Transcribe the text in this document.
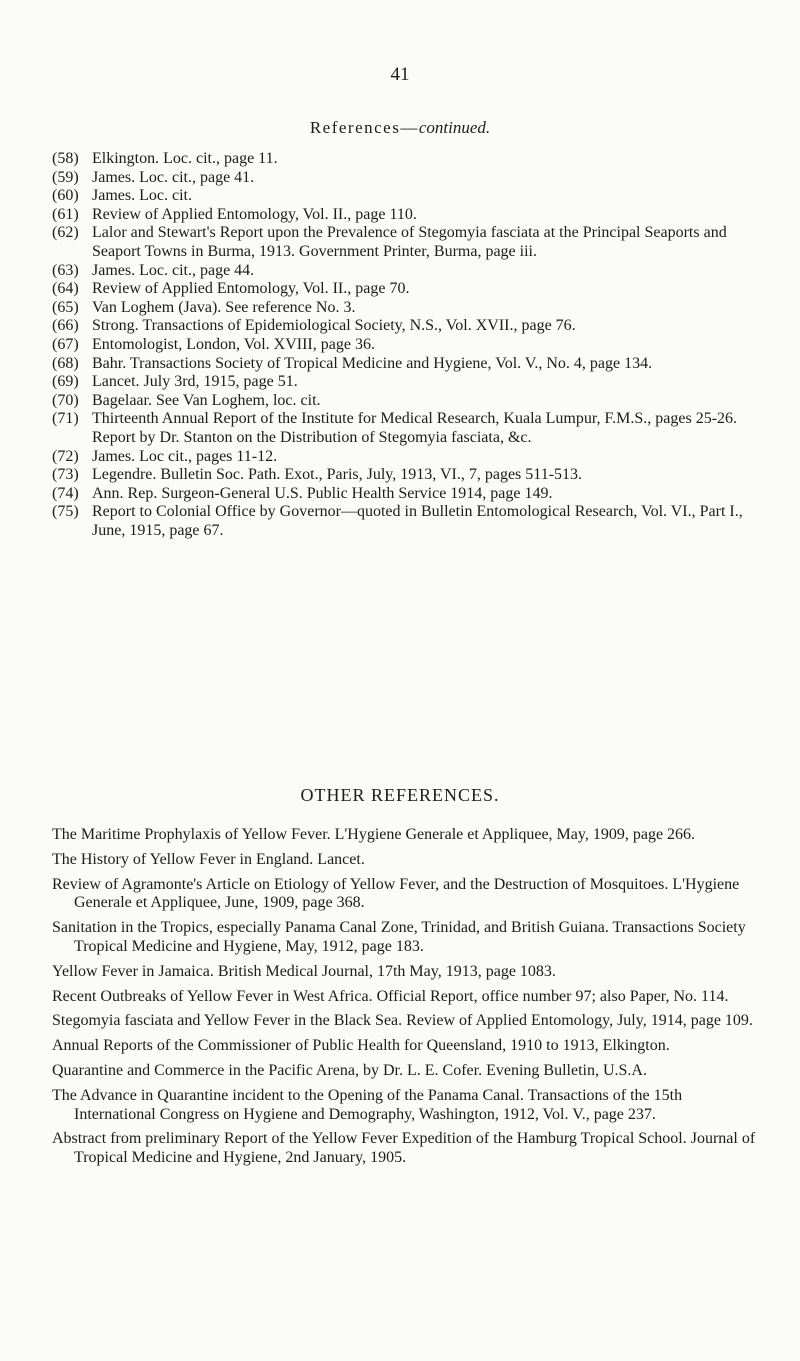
41
References—continued.
(58) Elkington. Loc. cit., page 11.
(59) James. Loc. cit., page 41.
(60) James. Loc. cit.
(61) Review of Applied Entomology, Vol. II., page 110.
(62) Lalor and Stewart's Report upon the Prevalence of Stegomyia fasciata at the Principal Seaports and Seaport Towns in Burma, 1913. Government Printer, Burma, page iii.
(63) James. Loc. cit., page 44.
(64) Review of Applied Entomology, Vol. II., page 70.
(65) Van Loghem (Java). See reference No. 3.
(66) Strong. Transactions of Epidemiological Society, N.S., Vol. XVII., page 76.
(67) Entomologist, London, Vol. XVIII, page 36.
(68) Bahr. Transactions Society of Tropical Medicine and Hygiene, Vol. V., No. 4, page 134.
(69) Lancet. July 3rd, 1915, page 51.
(70) Bagelaar. See Van Loghem, loc. cit.
(71) Thirteenth Annual Report of the Institute for Medical Research, Kuala Lumpur, F.M.S., pages 25-26. Report by Dr. Stanton on the Distribution of Stegomyia fasciata, &c.
(72) James. Loc cit., pages 11-12.
(73) Legendre. Bulletin Soc. Path. Exot., Paris, July, 1913, VI., 7, pages 511-513.
(74) Ann. Rep. Surgeon-General U.S. Public Health Service 1914, page 149.
(75) Report to Colonial Office by Governor—quoted in Bulletin Entomological Research, Vol. VI., Part I., June, 1915, page 67.
OTHER REFERENCES.
The Maritime Prophylaxis of Yellow Fever. L'Hygiene Generale et Appliquee, May, 1909, page 266.
The History of Yellow Fever in England. Lancet.
Review of Agramonte's Article on Etiology of Yellow Fever, and the Destruction of Mosquitoes. L'Hygiene Generale et Appliquee, June, 1909, page 368.
Sanitation in the Tropics, especially Panama Canal Zone, Trinidad, and British Guiana. Transactions Society Tropical Medicine and Hygiene, May, 1912, page 183.
Yellow Fever in Jamaica. British Medical Journal, 17th May, 1913, page 1083.
Recent Outbreaks of Yellow Fever in West Africa. Official Report, office number 97; also Paper, No. 114.
Stegomyia fasciata and Yellow Fever in the Black Sea. Review of Applied Entomology, July, 1914, page 109.
Annual Reports of the Commissioner of Public Health for Queensland, 1910 to 1913, Elkington.
Quarantine and Commerce in the Pacific Arena, by Dr. L. E. Cofer. Evening Bulletin, U.S.A.
The Advance in Quarantine incident to the Opening of the Panama Canal. Transactions of the 15th International Congress on Hygiene and Demography, Washington, 1912, Vol. V., page 237.
Abstract from preliminary Report of the Yellow Fever Expedition of the Hamburg Tropical School. Journal of Tropical Medicine and Hygiene, 2nd January, 1905.
